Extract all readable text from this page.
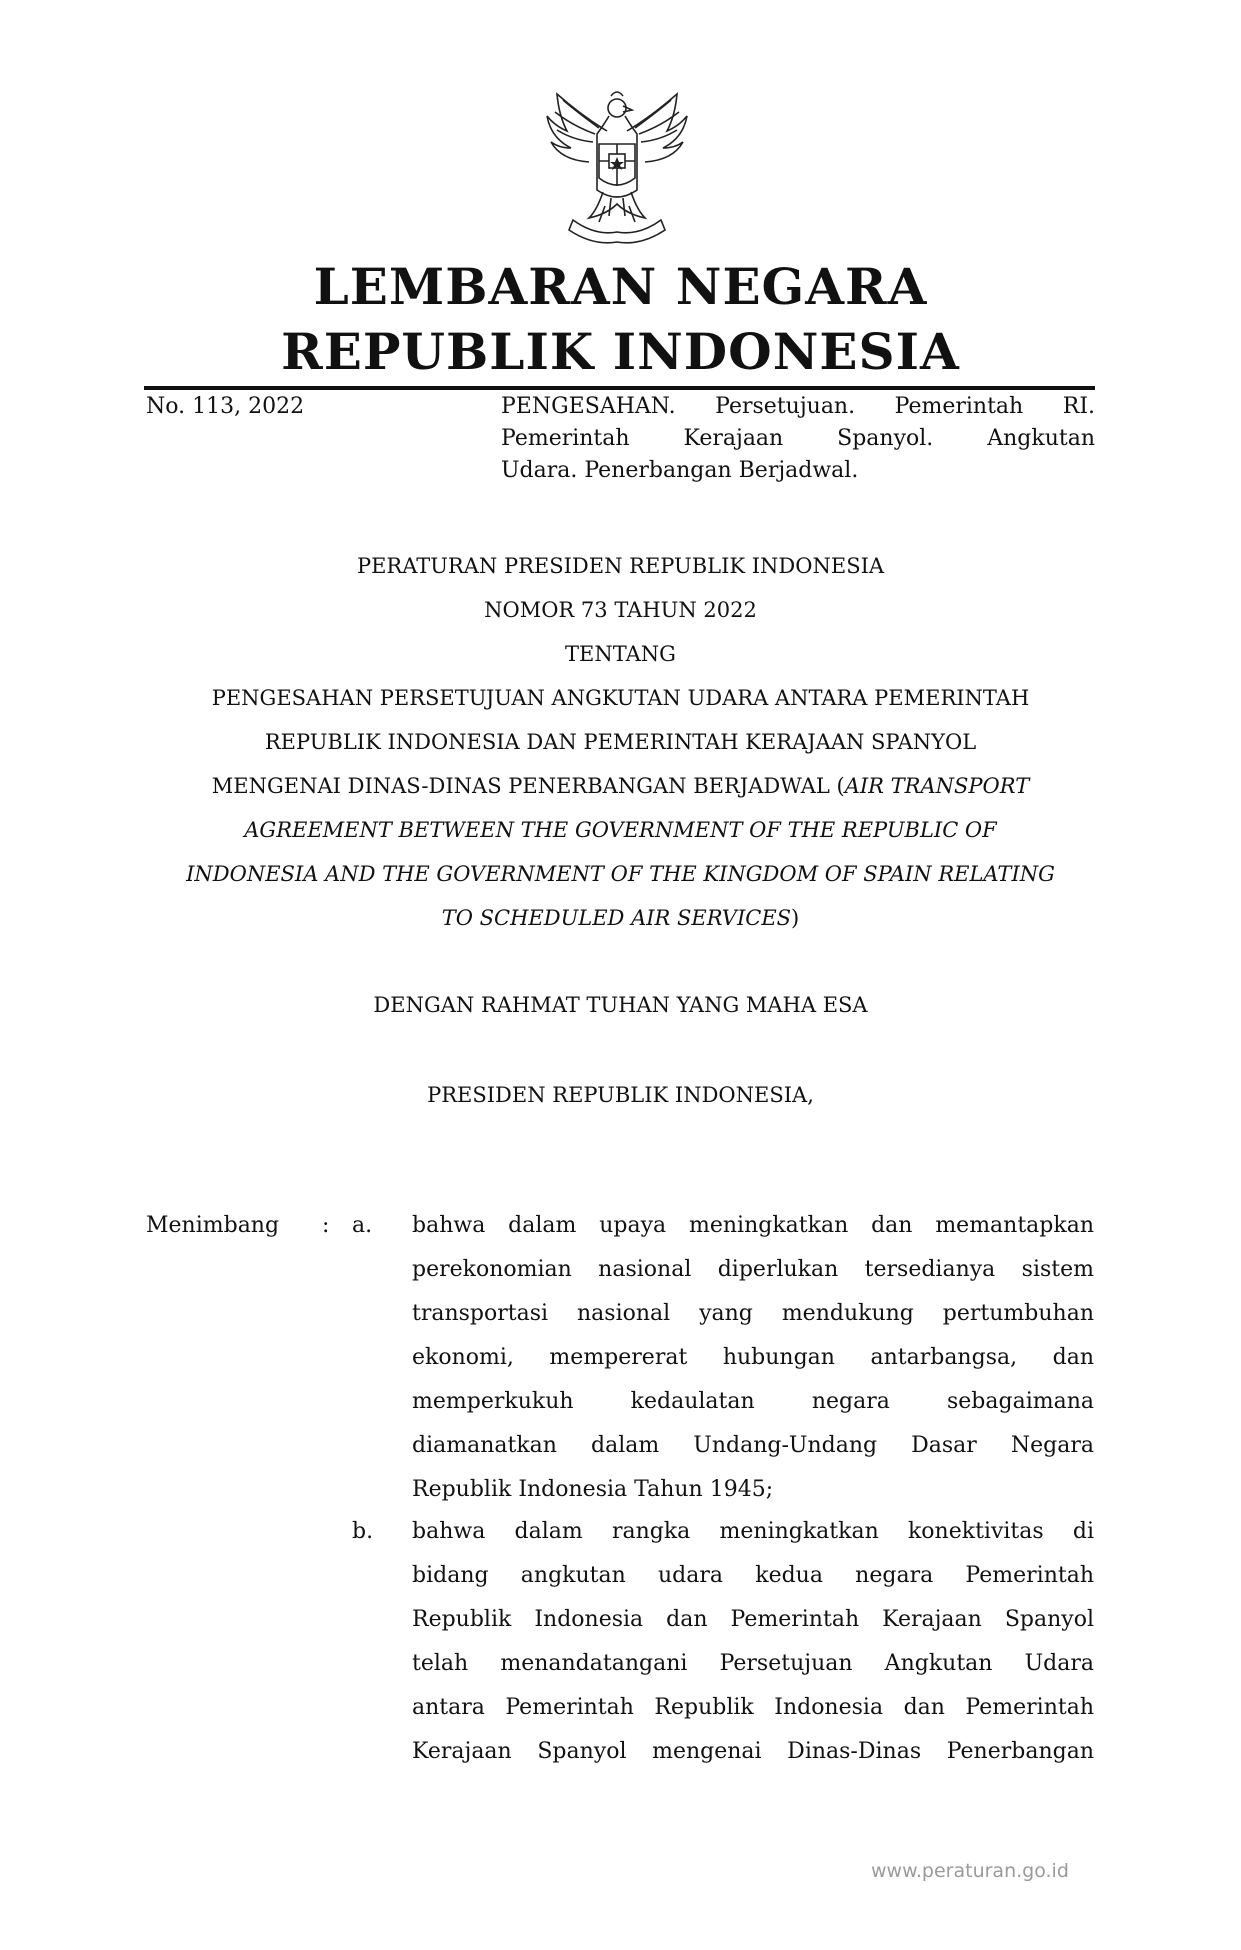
LEMBARAN NEGARA
REPUBLIK INDONESIA
No. 113, 2022	PENGESAHAN. Persetujuan. Pemerintah RI.
Pemerintah Kerajaan Spanyol. Angkutan
Udara. Penerbangan Berjadwal.
PERATURAN PRESIDEN REPUBLIK INDONESIA
NOMOR 73 TAHUN 2022
TENTANG
PENGESAHAN PERSETUJUAN ANGKUTAN UDARA ANTARA PEMERINTAH
REPUBLIK INDONESIA DAN PEMERINTAH KERAJAAN SPANYOL
MENGENAI DINAS-DINAS PENERBANGAN BERJADWAL (AIR TRANSPORT
AGREEMENT BETWEEN THE GOVERNMENT OF THE REPUBLIC OF
INDONESIA AND THE GOVERNMENT OF THE KINGDOM OF SPAIN RELATING
TO SCHEDULED AIR SERVICES)
DENGAN RAHMAT TUHAN YANG MAHA ESA
PRESIDEN REPUBLIK INDONESIA,
Menimbang : a. bahwa dalam upaya meningkatkan dan memantapkan
perekonomian nasional diperlukan tersedianya sistem
transportasi nasional yang mendukung pertumbuhan
ekonomi, mempererat hubungan antarbangsa, dan
memperkukuh kedaulatan negara sebagaimana
diamanatkan dalam Undang-Undang Dasar Negara
Republik Indonesia Tahun 1945;
b. bahwa dalam rangka meningkatkan konektivitas di
bidang angkutan udara kedua negara Pemerintah
Republik Indonesia dan Pemerintah Kerajaan Spanyol
telah menandatangani Persetujuan Angkutan Udara
antara Pemerintah Republik Indonesia dan Pemerintah
Kerajaan Spanyol mengenai Dinas-Dinas Penerbangan
www.peraturan.go.id
